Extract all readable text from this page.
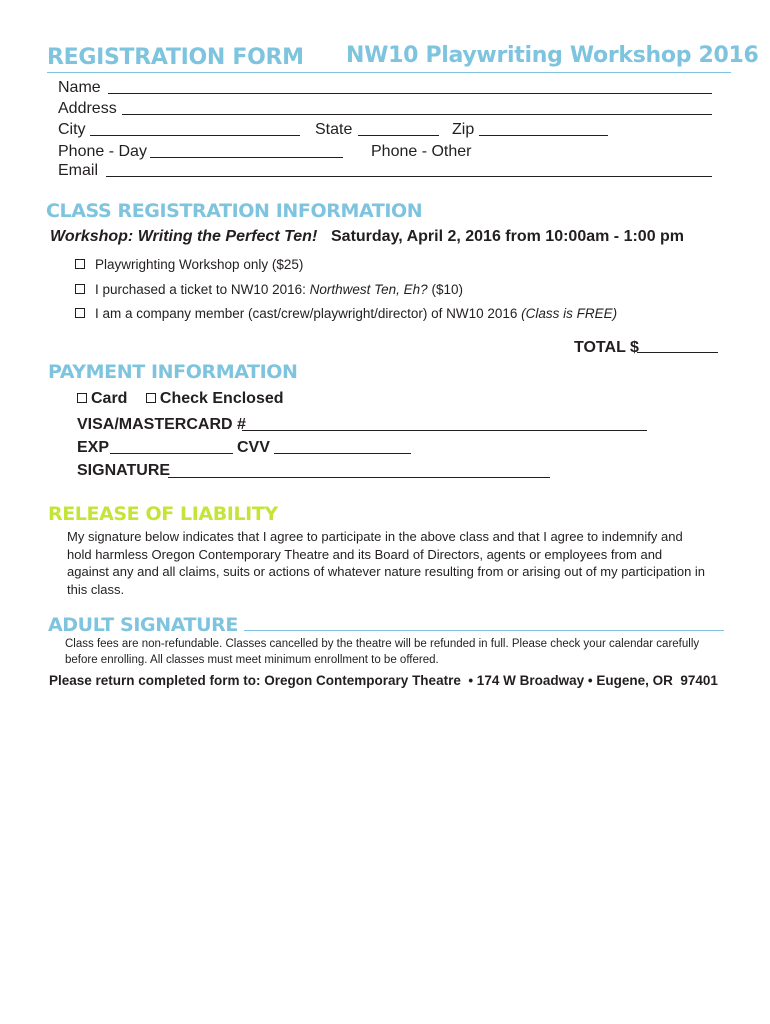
REGISTRATION FORM NW10 Playwriting Workshop 2016
Name
Address
City	State	Zip
Phone - Day	Phone - Other
Email
CLASS REGISTRATION INFORMATION
Workshop: Writing the Perfect Ten! Saturday, April 2, 2016 from 10:00am - 1:00 pm
Playwrighting Workshop only ($25)
I purchased a ticket to NW10 2016: Northwest Ten, Eh? ($10)
I am a company member (cast/crew/playwright/director) of NW10 2016 (Class is FREE)
TOTAL $
PAYMENT INFORMATION
Card Check Enclosed
VISA/MASTERCARD #
EXP	CVV
SIGNATURE
RELEASE OF LIABILITY
My signature below indicates that I agree to participate in the above class and that I agree to indemnify and hold harmless Oregon Contemporary Theatre and its Board of Directors, agents or employees from and against any and all claims, suits or actions of whatever nature resulting from or arising out of my participation in this class.
ADULT SIGNATURE
Class fees are non-refundable. Classes cancelled by the theatre will be refunded in full. Please check your calendar carefully before enrolling. All classes must meet minimum enrollment to be offered.
Please return completed form to: Oregon Contemporary Theatre  • 174 W Broadway • Eugene, OR  97401
